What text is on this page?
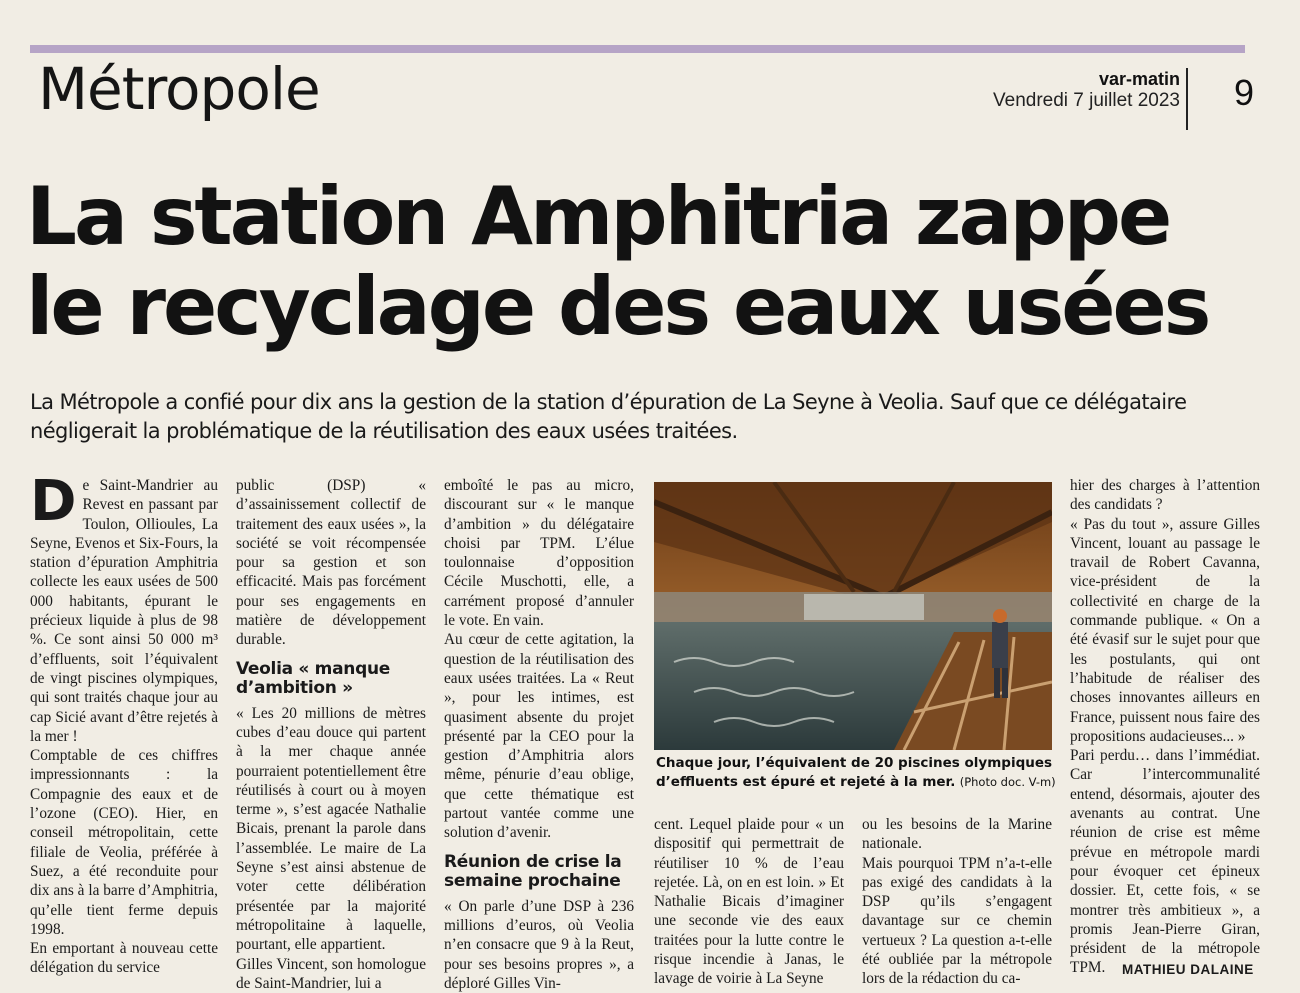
Métropole	var-matin
Vendredi 7 juillet 2023 9
La station Amphitria zappe
le recyclage des eaux usées

La Métropole a confié pour dix ans la gestion de la station d’épuration de La Seyne à Veolia. Sauf que ce délégataire négligerait la problématique de la réutilisation des eaux usées traitées.

De Saint-Mandrier au Revest en passant par Toulon, Ollioules, La Seyne, Evenos et Six-Fours, la station d’épuration Amphitria collecte les eaux usées de 500 000 habitants, épurant le précieux liquide à plus de 98 %. Ce sont ainsi 50 000 m³ d’effluents, soit l’équivalent de vingt piscines olympiques, qui sont traités chaque jour au cap Sicié avant d’être rejetés à la mer !

Comptable de ces chiffres impressionnants : la Compagnie des eaux et de l’ozone (CEO). Hier, en conseil métropolitain, cette filiale de Veolia, préférée à Suez, a été reconduite pour dix ans à la barre d’Amphitria, qu’elle tient ferme depuis 1998.

En emportant à nouveau cette délégation du service

public (DSP) « d’assainissement collectif de traitement des eaux usées », la société se voit récompensée pour sa gestion et son efficacité. Mais pas forcément pour ses engagements en matière de développement durable.

Veolia « manque d’ambition »

« Les 20 millions de mètres cubes d’eau douce qui partent à la mer chaque année pourraient potentiellement être réutilisés à court ou à moyen terme », s’est agacée Nathalie Bicais, prenant la parole dans l’assemblée. Le maire de La Seyne s’est ainsi abstenue de voter cette délibération présentée par la majorité métropolitaine à laquelle, pourtant, elle appartient.

Gilles Vincent, son homologue de Saint-Mandrier, lui a

emboîté le pas au micro, discourant sur « le manque d’ambition » du délégataire choisi par TPM. L’élue toulonnaise d’opposition Cécile Muschotti, elle, a carrément proposé d’annuler le vote. En vain.

Au cœur de cette agitation, la question de la réutilisation des eaux usées traitées. La « Reut », pour les intimes, est quasiment absente du projet présenté par la CEO pour la gestion d’Amphitria alors même, pénurie d’eau oblige, que cette thématique est partout vantée comme une solution d’avenir.

Réunion de crise la semaine prochaine

« On parle d’une DSP à 236 millions d’euros, où Veolia n’en consacre que 9 à la Reut, pour ses besoins propres », a déploré Gilles Vin-

Chaque jour, l’équivalent de 20 piscines olympiques d’effluents est épuré et rejeté à la mer. (Photo doc. V-m)

cent. Lequel plaide pour « un dispositif qui permettrait de réutiliser 10 % de l’eau rejetée. Là, on en est loin. » Et Nathalie Bicais d’imaginer une seconde vie des eaux traitées pour la lutte contre le risque incendie à Janas, le lavage de voirie à La Seyne

ou les besoins de la Marine nationale.

Mais pourquoi TPM n’a-t-elle pas exigé des candidats à la DSP qu’ils s’engagent davantage sur ce chemin vertueux ? La question a-t-elle été oubliée par la métropole lors de la rédaction du ca-

hier des charges à l’attention des candidats ?

« Pas du tout », assure Gilles Vincent, louant au passage le travail de Robert Cavanna, vice-président de la collectivité en charge de la commande publique. « On a été évasif sur le sujet pour que les postulants, qui ont l’habitude de réaliser des choses innovantes ailleurs en France, puissent nous faire des propositions audacieuses... »

Pari perdu… dans l’immédiat. Car l’intercommunalité entend, désormais, ajouter des avenants au contrat. Une réunion de crise est même prévue en métropole mardi pour évoquer cet épineux dossier. Et, cette fois, « se montrer très ambitieux », a promis Jean-Pierre Giran, président de la métropole TPM.	MATHIEU DALAINE
